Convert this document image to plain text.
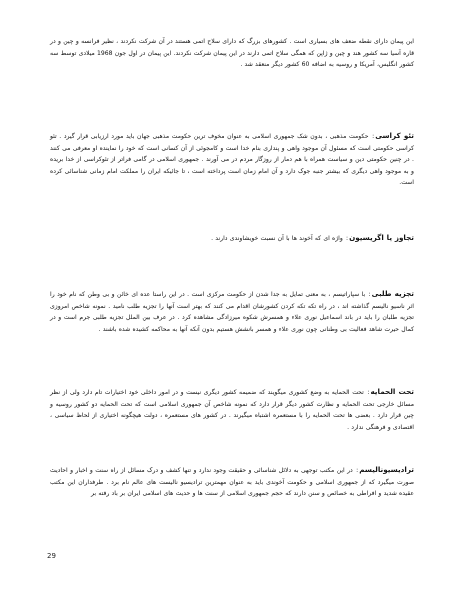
این پیمان دارای نقطه ضعف های بسیاری است . کشورهای بزرگ که دارای سلاح اتمی هستند در آن شرکت نکردند ، نظیر فرانسه و چین و در قاره آسیا سه کشور هند و چین و ژاپن که همگی سلاح اتمی دارند در این پیمان شرکت نکردند. این پیمان در اول جون 1968 میلادی توسط سه کشور انگلیس، آمریکا و روسیه به اضافه 60 کشور دیگر منعقد شد .

تئو کراسی: حکومت مذهبی ، بدون شک جمهوری اسلامی به عنوان مخوف ترین حکومت مذهبی جهان باید مورد ارزیابی قرار گیرد . تئو کراسی حکومتی است که مسئول آن موجود واهی و پنداری بنام خدا است و کامجوئی از آن کسانی است که خود را نماینده او معرفی می کنند . در چنین حکومتی دین و سیاست همراه با هم دمار از روزگار مردم در می آورند . جمهوری اسلامی در گامی فراتر از تئوکراسی از خدا بریده و به موجود واهی دیگری که بیشتر جنبه جوک دارد و آن امام زمان است پرداخته است ، تا جائیکه ایران را مملکت امام زمانی شناسائی کرده است.

تجاوز یا اگریسیون: واژه ای که آخوند ها با آن نسبت خویشاوندی دارند .

تجزیه طلبی: با سپاراتیسم ، به معنی تمایل به جدا شدن از حکومت مرکزی است . در این راستا عده ای خائن و بی وطن که نام خود را اثر ناسیو نالیسم گذاشته اند ، در راه تکه تکه کردن کشورشان اقدام می کنند که بهتر است آنها را تجزیه طلب نامید . نمونه شاخص امروزی تجزیه طلبان را باید در باند اسماعیل نوری علاء و همسرش شکوه میرزادگی مشاهده کرد . در عرف بین الملل تجزیه طلبی جرم است و در کمال حیرت شاهد فعالیت بی وطنانی چون نوری علاء و همسر بانشش هستیم بدون آنکه آنها به محاکمه کشیده شده باشند .

تحت الحمایه: تحت الحمایه به وضع کشوری میگویند که ضمیمه کشور دیگری نیست و در امور داخلی خود اختیارات تام دارد ولی از نظر مسائل خارجی تحت الحمایه و نظارت کشور دیگر قرار دارد که نمونه شاخص آن جمهوری اسلامی است که تحت الحمایه دو کشور روسیه و چین قرار دارد . بعضی ها تحت الحمایه را با مستعمره اشتباه میگیرند . در کشور های مستعمره ، دولت هیچگونه اختیاری از لحاظ سیاسی ، اقتصادی و فرهنگی ندارد .

ترادیسیونالیسم: در این مکتب توجهی به دلائل شناسائی و حقیقت وجود ندارد و تنها کشف و درک مسائل از راه سنت و اخبار و احادیث صورت میگیرد که از جمهوری اسلامی و حکومت آخوندی باید به عنوان مهمترین ترادیسیو نالیست های عالم نام برد . طرفداران این مکتب عقیده شدید و افراطی به خصائص و سنن دارند که حجم جمهوری اسلامی از سنت ها و حدیث های اسلامی ایران بر باد رفته بر

29
